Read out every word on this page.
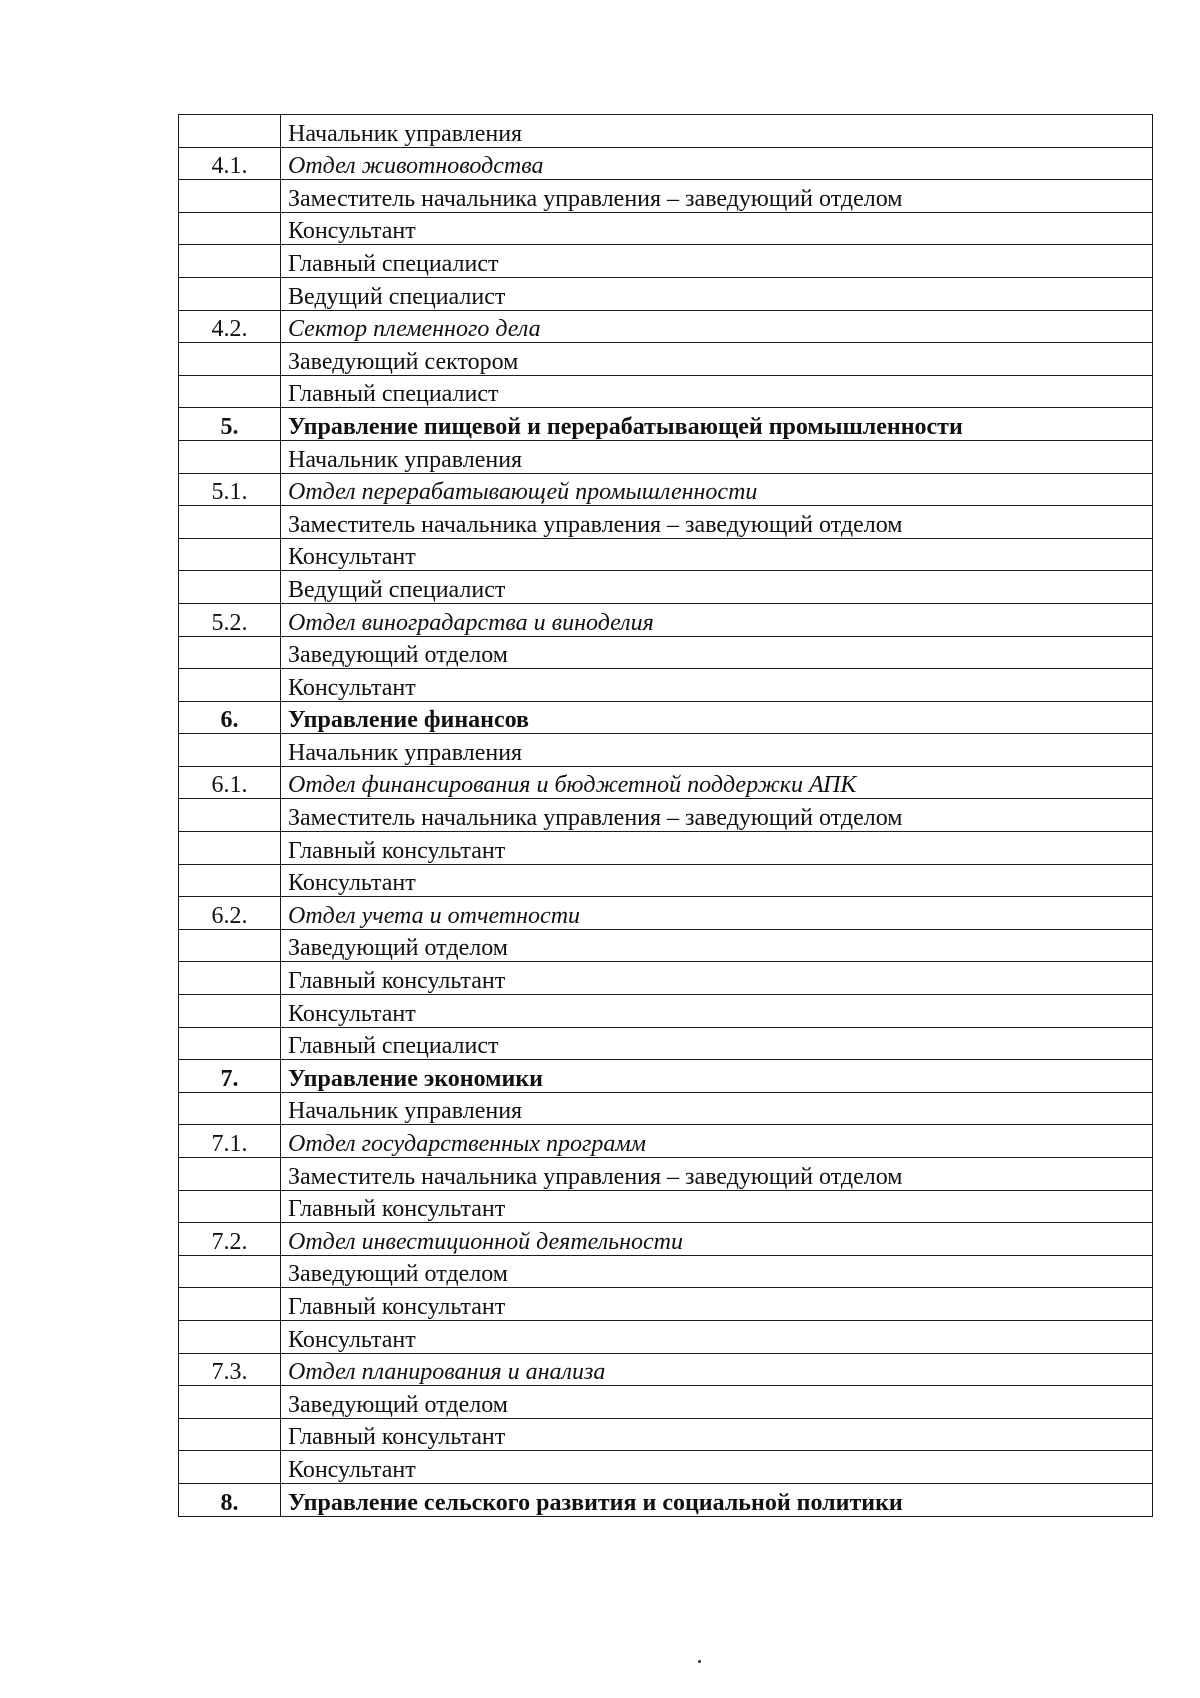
	Начальник управления
4.1.	Отдел животноводства
	Заместитель начальника управления – заведующий отделом
	Консультант
	Главный специалист
	Ведущий специалист
4.2.	Сектор племенного дела
	Заведующий сектором
	Главный специалист
5.	Управление пищевой и перерабатывающей промышленности
	Начальник управления
5.1.	Отдел перерабатывающей промышленности
	Заместитель начальника управления – заведующий отделом
	Консультант
	Ведущий специалист
5.2.	Отдел виноградарства и виноделия
	Заведующий отделом
	Консультант
6.	Управление финансов
	Начальник управления
6.1.	Отдел финансирования и бюджетной поддержки АПК
	Заместитель начальника управления – заведующий отделом
	Главный консультант
	Консультант
6.2.	Отдел учета и отчетности
	Заведующий отделом
	Главный консультант
	Консультант
	Главный специалист
7.	Управление экономики
	Начальник управления
7.1.	Отдел государственных программ
	Заместитель начальника управления – заведующий отделом
	Главный консультант
7.2.	Отдел инвестиционной деятельности
	Заведующий отделом
	Главный консультант
	Консультант
7.3.	Отдел планирования и анализа
	Заведующий отделом
	Главный консультант
	Консультант
8.	Управление сельского развития и социальной политики
